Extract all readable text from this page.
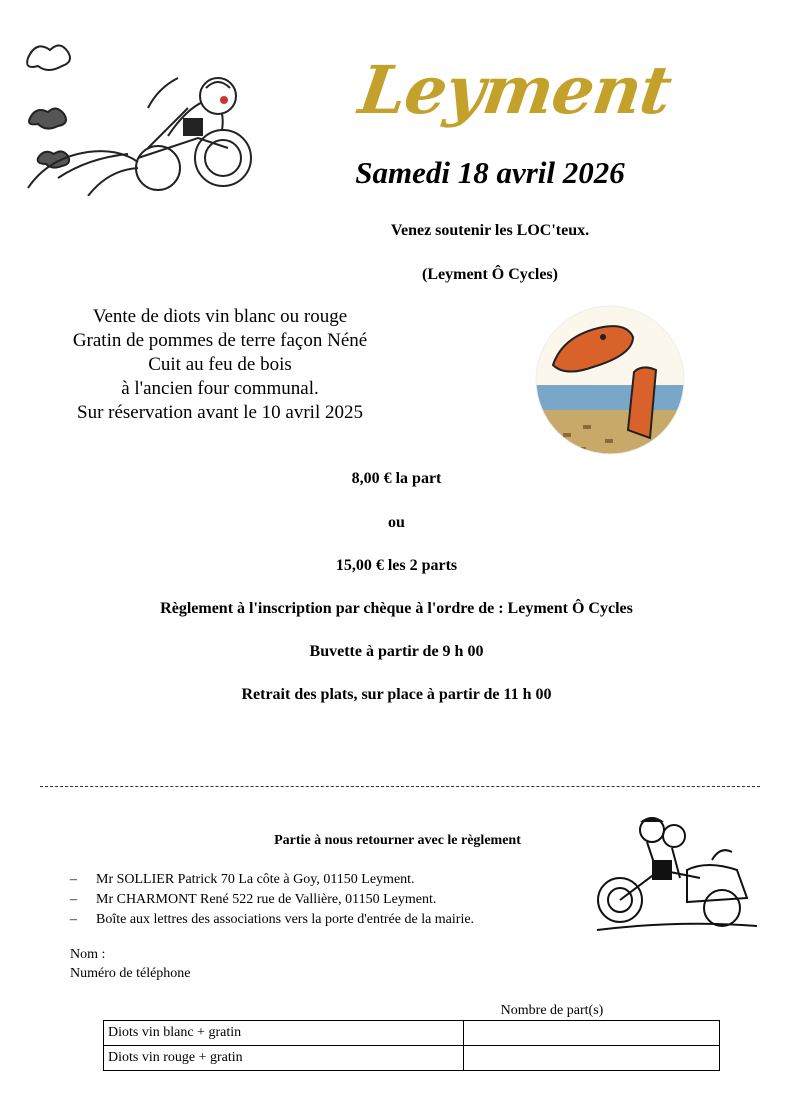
Leyment
Samedi 18 avril 2026
Venez soutenir les LOC'teux.
(Leyment Ô Cycles)
Vente de diots vin blanc ou rouge
Gratin de pommes de terre façon Néné
Cuit au feu de bois
à l'ancien four communal.
Sur réservation avant le 10 avril 2025
8,00 € la part
ou
15,00 € les 2 parts
Règlement à l'inscription par chèque à l'ordre de : Leyment Ô Cycles
Buvette à partir de 9 h 00
Retrait des plats, sur place à partir de 11 h 00
Partie à nous retourner avec le règlement
– Mr SOLLIER Patrick 70 La côte à Goy, 01150 Leyment.
– Mr CHARMONT René 522 rue de Vallière, 01150 Leyment.
– Boîte aux lettres des associations vers la porte d'entrée de la mairie.
Nom :
Numéro de téléphone
Nombre de part(s)
Diots vin blanc + gratin	
Diots vin rouge + gratin	
